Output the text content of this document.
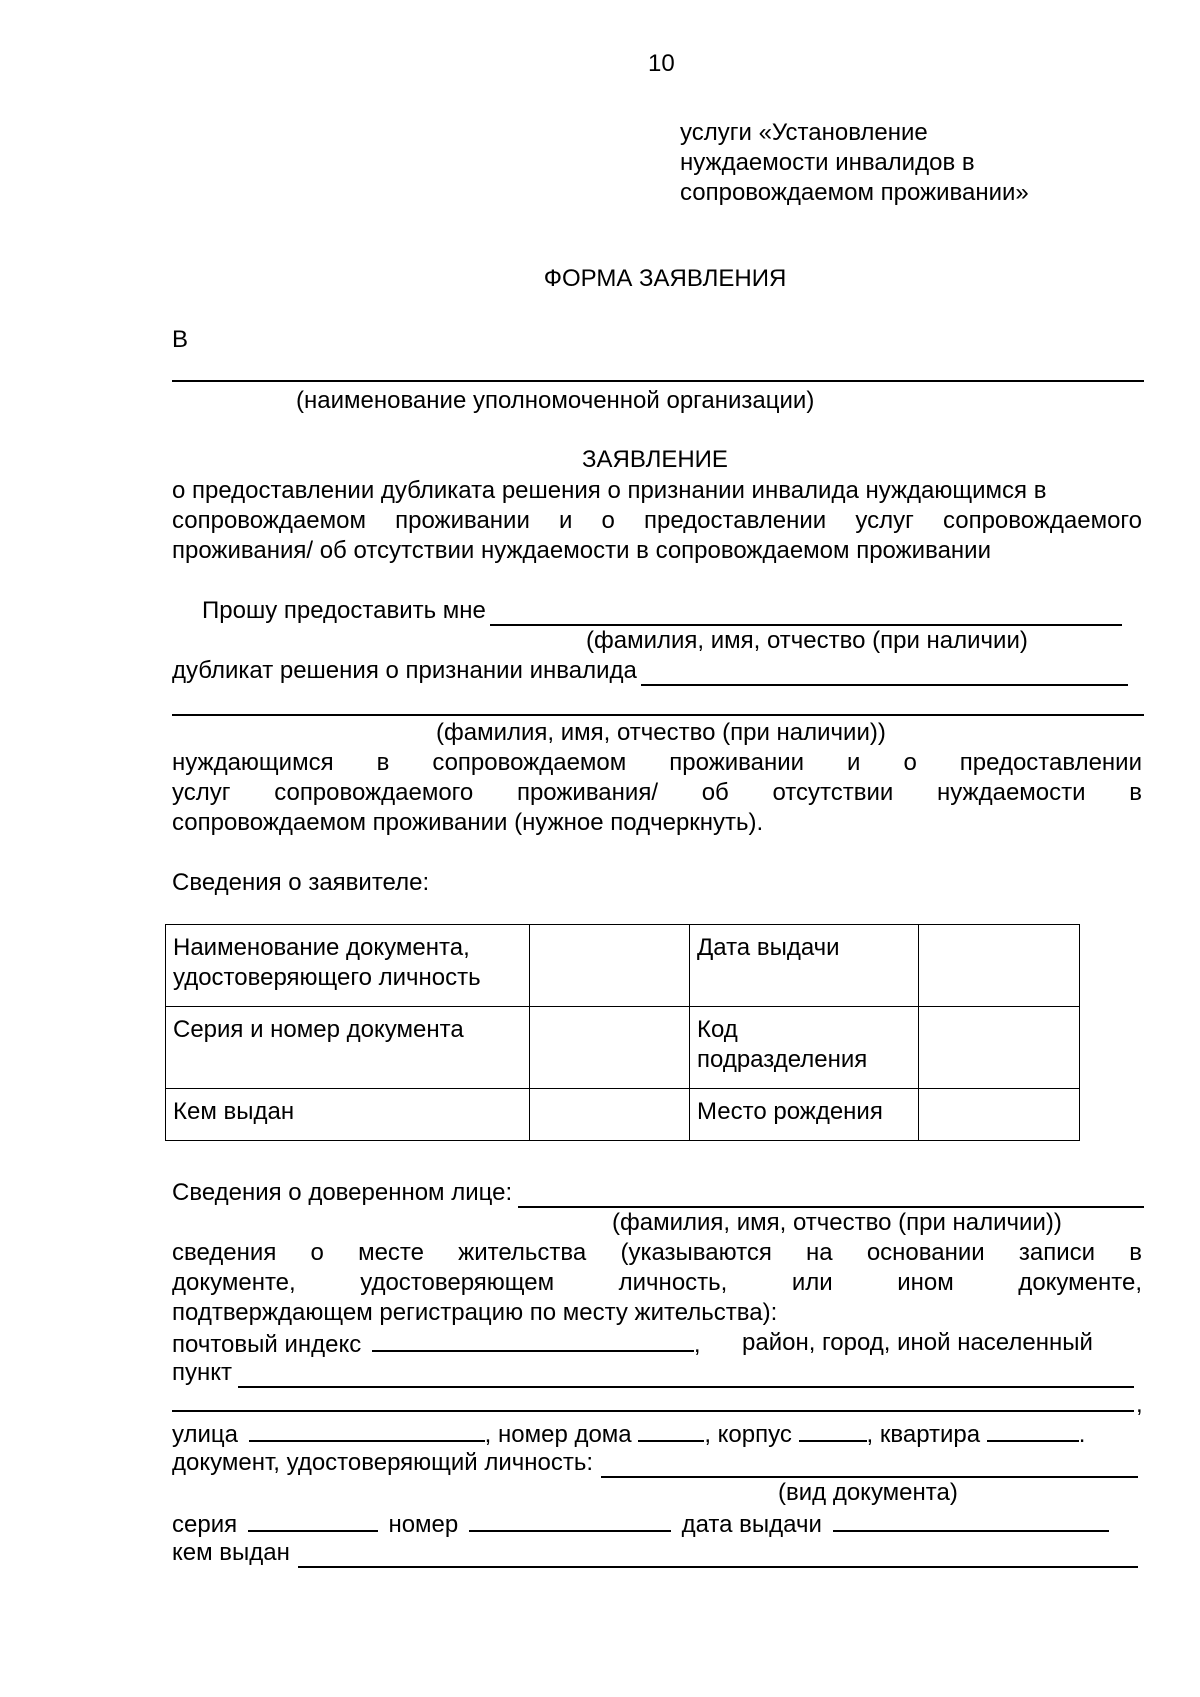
10
услуги «Установление
нуждаемости инвалидов в
сопровождаемом проживании»
ФОРМА ЗАЯВЛЕНИЯ
В
(наименование уполномоченной организации)
ЗАЯВЛЕНИЕ
о предоставлении дубликата решения о признании инвалида нуждающимся в
сопровождаемом проживании и о предоставлении услуг сопровождаемого
проживания/ об отсутствии нуждаемости в сопровождаемом проживании
Прошу предоставить мне
(фамилия, имя, отчество (при наличии)
дубликат решения о признании инвалида
(фамилия, имя, отчество (при наличии))
нуждающимся в сопровождаемом проживании и о предоставлении
услуг сопровождаемого проживания/ об отсутствии нуждаемости в
сопровождаемом проживании (нужное подчеркнуть).
Сведения о заявителе:
Наименование документа, удостоверяющего личность		Дата выдачи	
Серия и номер документа		Код подразделения	
Кем выдан		Место рождения	
Сведения о доверенном лице:
(фамилия, имя, отчество (при наличии))
сведения о месте жительства (указываются на основании записи в
документе, удостоверяющем личность, или ином документе,
подтверждающем регистрацию по месту жительства):
почтовый индекс	, район, город, иной населенный
пункт
,
улица	, номер дома	, корпус	, квартира	.
документ, удостоверяющий личность:
(вид документа)
серия	номер	дата выдачи
кем выдан
